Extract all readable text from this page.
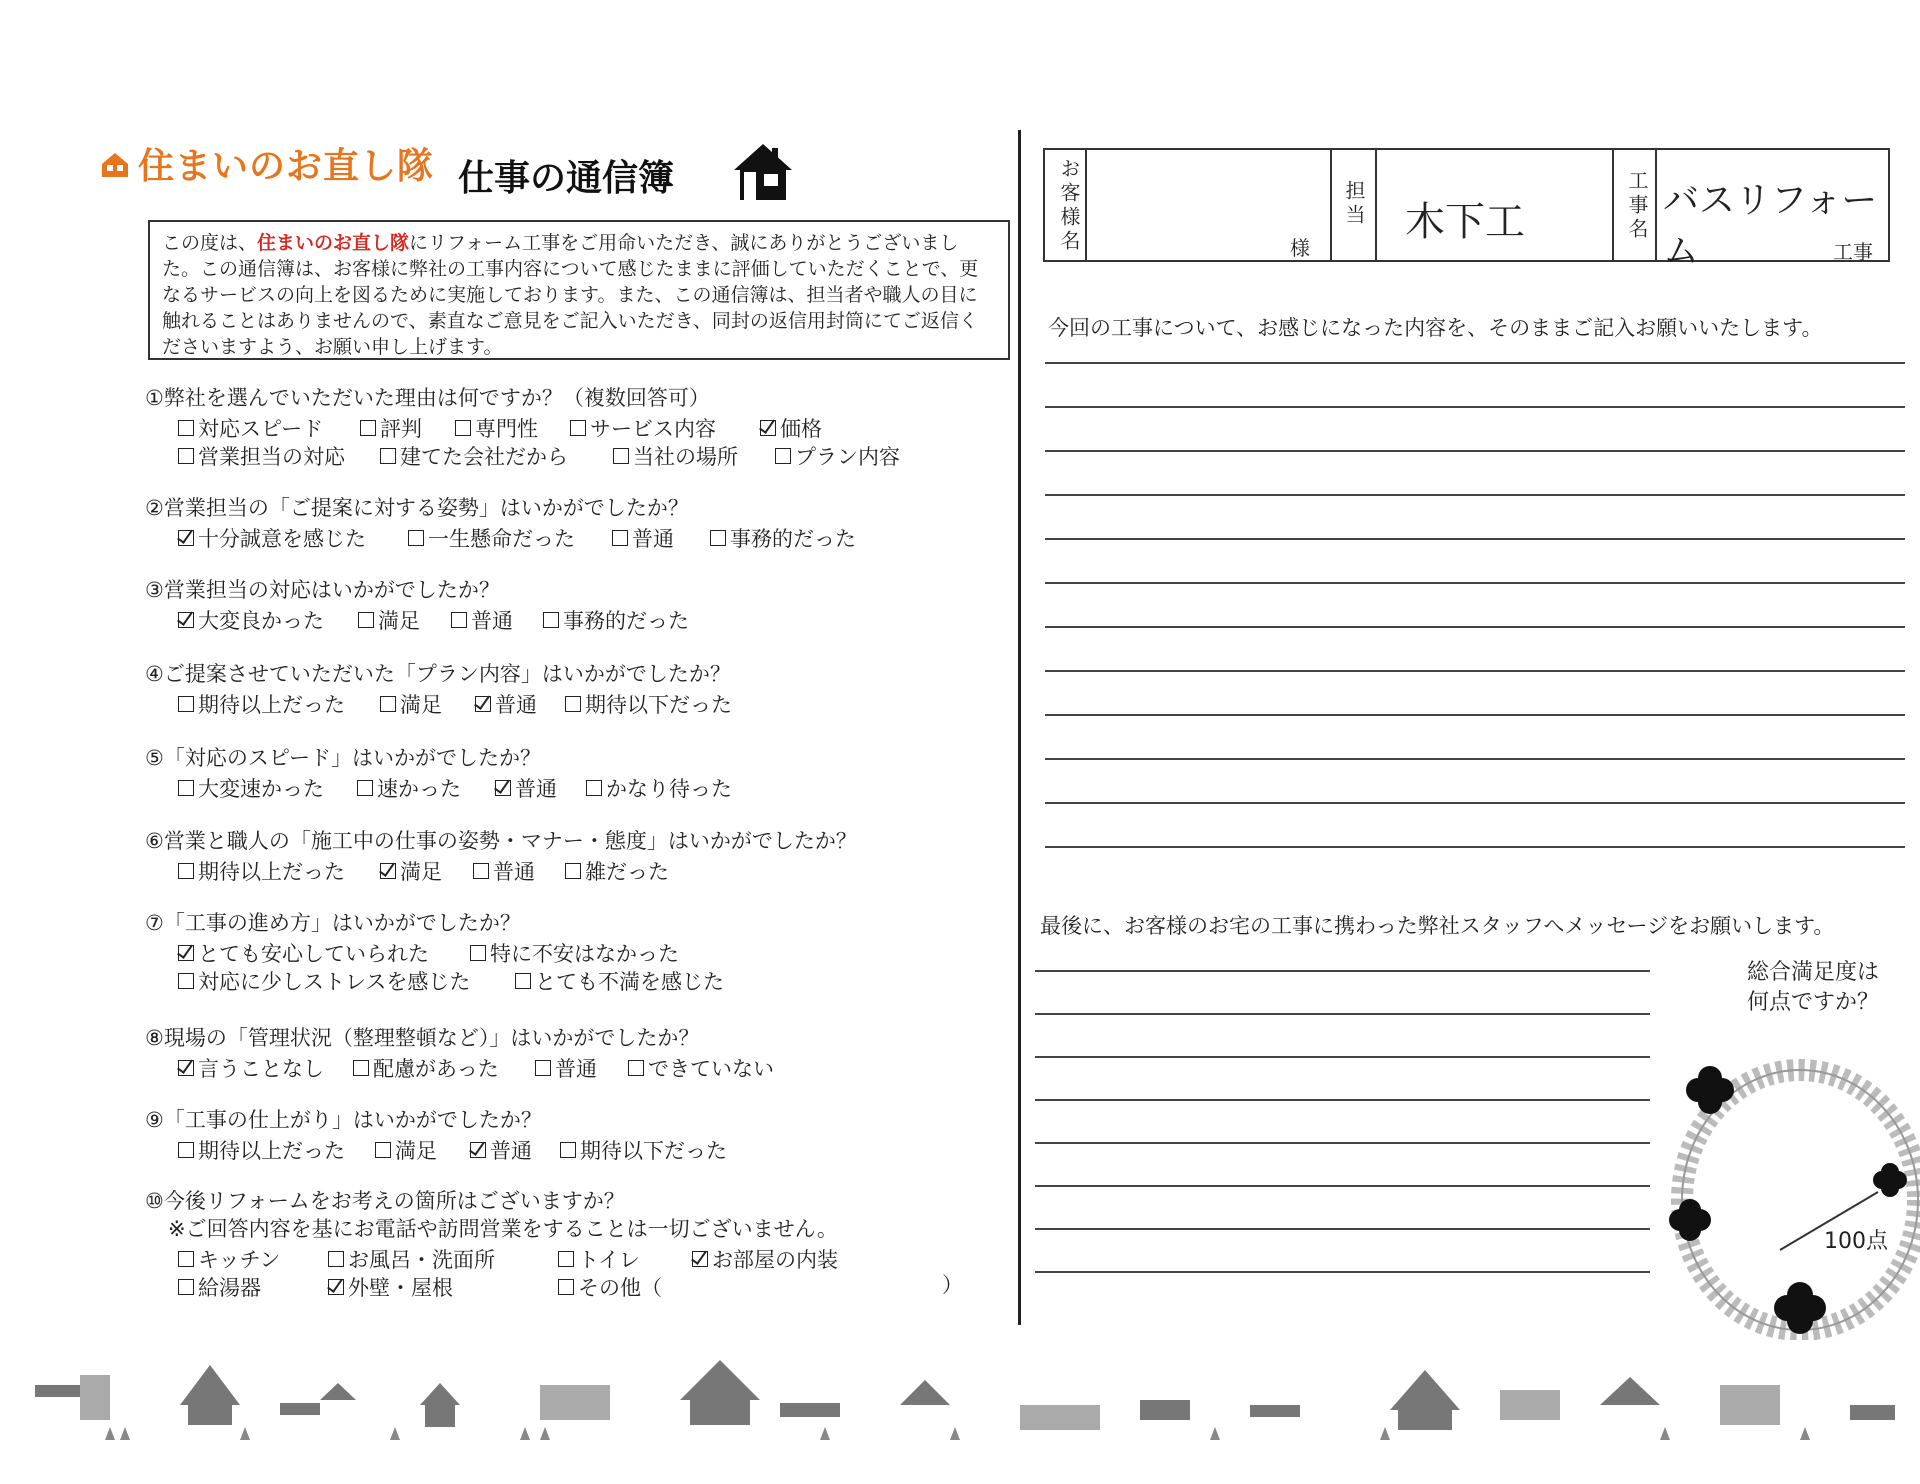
住まいのお直し隊 仕事の通信簿
この度は、住まいのお直し隊にリフォーム工事をご用命いただき、誠にありがとうございました。この通信簿は、お客様に弊社の工事内容について感じたままに評価していただくことで、更なるサービスの向上を図るために実施しております。また、この通信簿は、担当者や職人の目に触れることはありませんので、素直なご意見をご記入いただき、同封の返信用封筒にてご返信くださいますよう、お願い申し上げます。
①弊社を選んでいただいた理由は何ですか？（複数回答可）
対応スピード	評判	専門性 サービス内容	価格
営業担当の対応	建てた会社だから	当社の場所	プラン内容
②営業担当の「ご提案に対する姿勢」はいかがでしたか？
十分誠意を感じた	一生懸命だった	普通	事務的だった
③営業担当の対応はいかがでしたか？
大変良かった	満足 普通 事務的だった
④ご提案させていただいた「プラン内容」はいかがでしたか？
期待以上だった	満足	普通 期待以下だった
⑤「対応のスピード」はいかがでしたか？
大変速かった	速かった	普通 かなり待った
⑥営業と職人の「施工中の仕事の姿勢・マナー・態度」はいかがでしたか？
期待以上だった	満足 普通 雑だった
⑦「工事の進め方」はいかがでしたか？
とても安心していられた	特に不安はなかった
対応に少しストレスを感じた	とても不満を感じた
⑧現場の「管理状況（整理整頓など）」はいかがでしたか？
言うことなし 配慮があった	普通 できていない
⑨「工事の仕上がり」はいかがでしたか？
期待以上だった 満足	普通 期待以下だった
⑩今後リフォームをお考えの箇所はございますか？
※ご回答内容を基にお電話や訪問営業をすることは一切ございません。
キッチン	お風呂・洗面所	トイレ	お部屋の内装
給湯器	外壁・屋根	その他（	）
お客様名	様
担当 木下工	工事名 バスリフォーム	工事
今回の工事について、お感じになった内容を、そのままご記入お願いいたします。
最後に、お客様のお宅の工事に携わった弊社スタッフへメッセージをお願いします。
総合満足度は
何点ですか？
100点
